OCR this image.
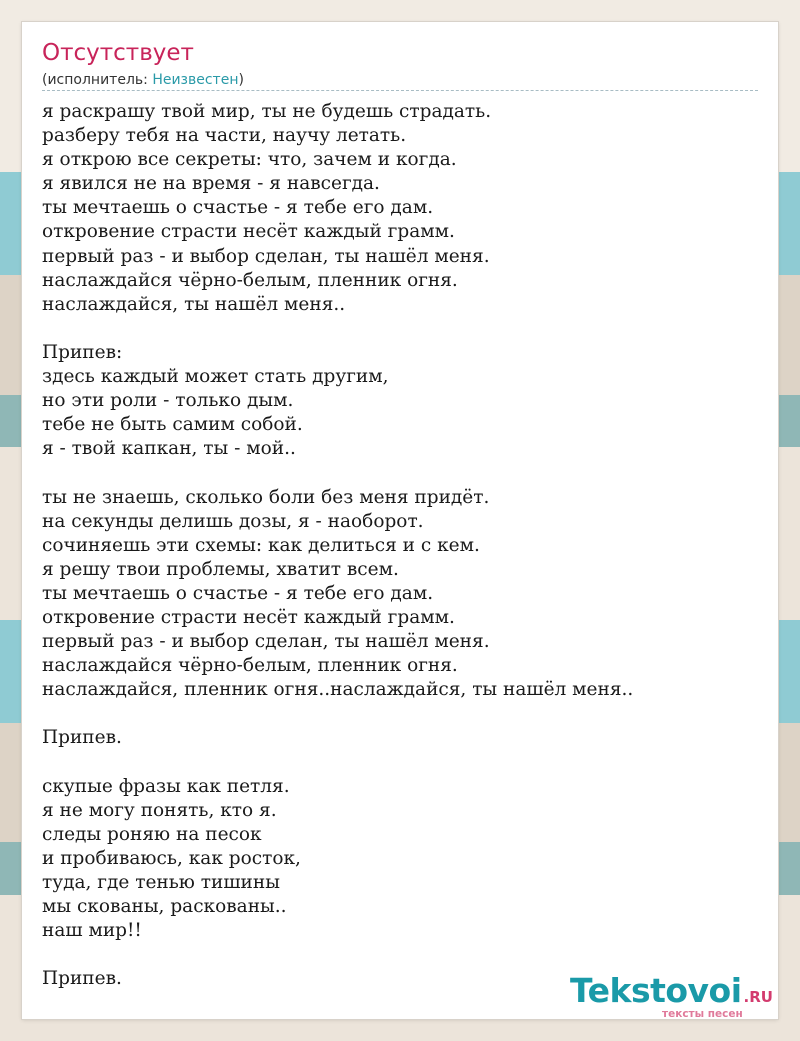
Отсутствует
(исполнитель: Неизвестен)
я раскрашу твой мир, ты не будешь страдать.
разберу тебя на части, научу летать.
я открою все секреты: что, зачем и когда.
я явился не на время - я навсегда.
ты мечтаешь о счастье - я тебе его дам.
откровение страсти несёт каждый грамм.
первый раз - и выбор сделан, ты нашёл меня.
наслаждайся чёрно-белым, пленник огня.
наслаждайся, ты нашёл меня..
Припев:
здесь каждый может стать другим,
но эти роли - только дым.
тебе не быть самим собой.
я - твой капкан, ты - мой..
ты не знаешь, сколько боли без меня придёт.
на секунды делишь дозы, я - наоборот.
сочиняешь эти схемы: как делиться и с кем.
я решу твои проблемы, хватит всем.
ты мечтаешь о счастье - я тебе его дам.
откровение страсти несёт каждый грамм.
первый раз - и выбор сделан, ты нашёл меня.
наслаждайся чёрно-белым, пленник огня.
наслаждайся, пленник огня..наслаждайся, ты нашёл меня..
Припев.
скупые фразы как петля.
я не могу понять, кто я.
следы роняю на песок
и пробиваюсь, как росток,
туда, где тенью тишины
мы скованы, раскованы..
наш мир!!
Припев.	Tekstovoi .RU
тексты песен
